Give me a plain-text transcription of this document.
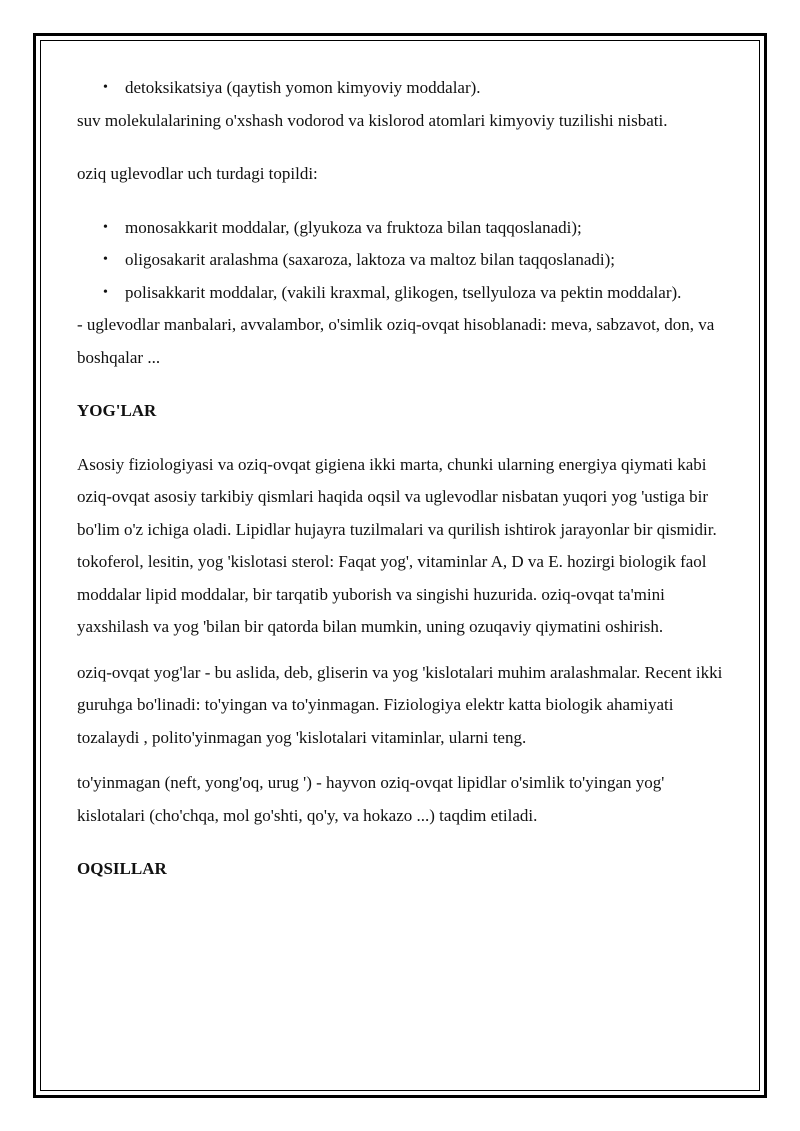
• detoksikatsiya (qaytish yomon kimyoviy moddalar).

suv molekulalarining o'xshash vodorod va kislorod atomlari kimyoviy tuzilishi nisbati.

oziq uglevodlar uch turdagi topildi:

• monosakkarit moddalar, (glyukoza va fruktoza bilan taqqoslanadi);
• oligosakarit aralashma (saxaroza, laktoza va maltoz bilan taqqoslanadi);
• polisakkarit moddalar, (vakili kraxmal, glikogen, tsellyuloza va pektin moddalar).

- uglevodlar manbalari, avvalambor, o'simlik oziq-ovqat hisoblanadi: meva, sabzavot, don, va boshqalar ...

YOG'LAR

Asosiy fiziologiyasi va oziq-ovqat gigiena ikki marta, chunki ularning energiya qiymati kabi oziq-ovqat asosiy tarkibiy qismlari haqida oqsil va uglevodlar nisbatan yuqori yog 'ustiga bir bo'lim o'z ichiga oladi. Lipidlar hujayra tuzilmalari va qurilish ishtirok jarayonlar bir qismidir.

tokoferol, lesitin, yog 'kislotasi sterol: Faqat yog', vitaminlar A, D va E. hozirgi biologik faol moddalar lipid moddalar, bir tarqatib yuborish va singishi huzurida. oziq-ovqat ta'mini yaxshilash va yog 'bilan bir qatorda bilan mumkin, uning ozuqaviy qiymatini oshirish.

oziq-ovqat yog'lar - bu aslida, deb, gliserin va yog 'kislotalari muhim aralashmalar. Recent ikki guruhga bo'linadi: to'yingan va to'yinmagan. Fiziologiya elektr katta biologik ahamiyati tozalaydi , polito'yinmagan yog 'kislotalari vitaminlar, ularni teng.

to'yinmagan (neft, yong'oq, urug ') - hayvon oziq-ovqat lipidlar o'simlik to'yingan yog' kislotalari (cho'chqa, mol go'shti, qo'y, va hokazo ...) taqdim etiladi.

OQSILLAR
